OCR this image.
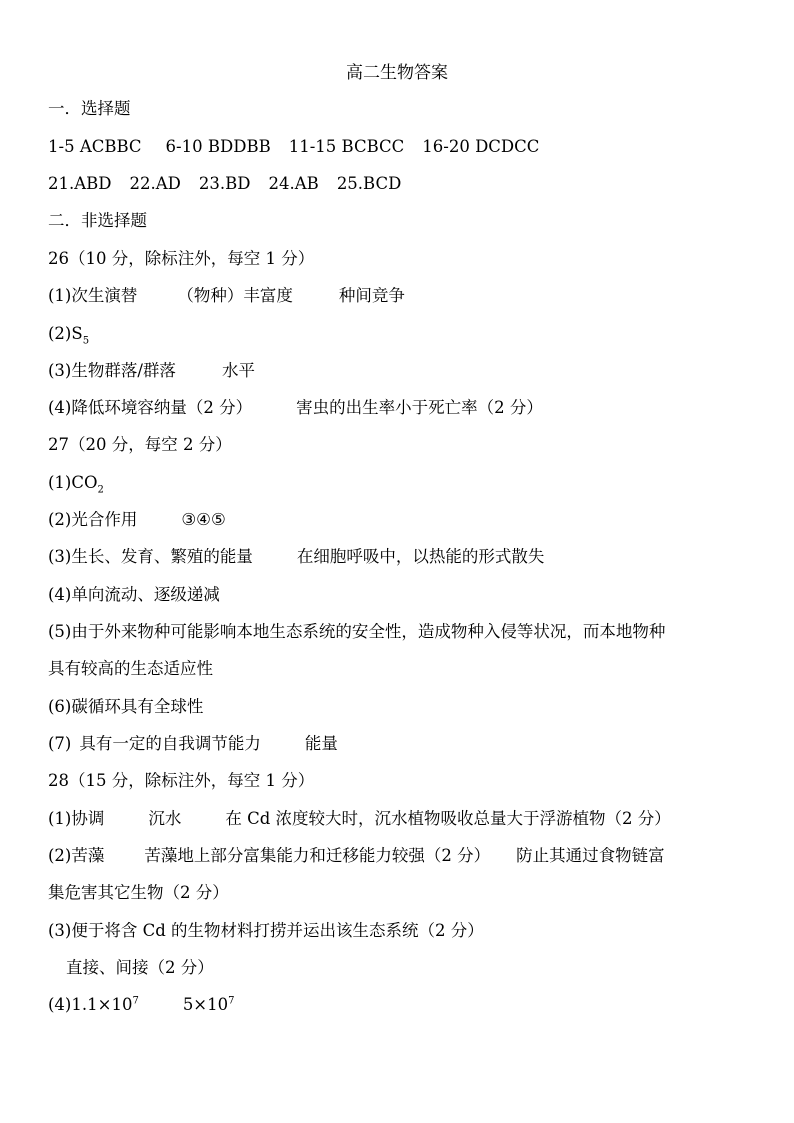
高二生物答案
一．选择题
1-5 ACBBC 6-10 BDDBB 11-15 BCBCC 16-20 DCDCC
21.ABD 22.AD 23.BD 24.AB 25.BCD
二．非选择题
26（10 分，除标注外，每空 1 分）
(1)次生演替 （物种）丰富度	种间竞争
$(2)S_5$
(3)生物群落/群落	水平
(4)降低环境容纳量（2 分）	害虫的出生率小于死亡率（2 分）
27（20 分，每空 2 分）
$(1)CO_2$
(2)光合作用	③④⑤
(3)生长、发育、繁殖的能量	在细胞呼吸中，以热能的形式散失
(4)单向流动、逐级递减
(5)由于外来物种可能影响本地生态系统的安全性，造成物种入侵等状况，而本地物种
具有较高的生态适应性
(6)碳循环具有全球性
(7) 具有一定的自我调节能力	能量
28（15 分，除标注外，每空 1 分）
(1)协调	沉水	在 Cd 浓度较大时，沉水植物吸收总量大于浮游植物（2 分）
(2)苦藻 苦藻地上部分富集能力和迁移能力较强（2 分） 防止其通过食物链富
集危害其它生物（2 分）
(3)便于将含 Cd 的生物材料打捞并运出该生态系统（2 分）
直接、间接（2 分）
$(4)1.1\times 10^7$	$5\times 10^7$
